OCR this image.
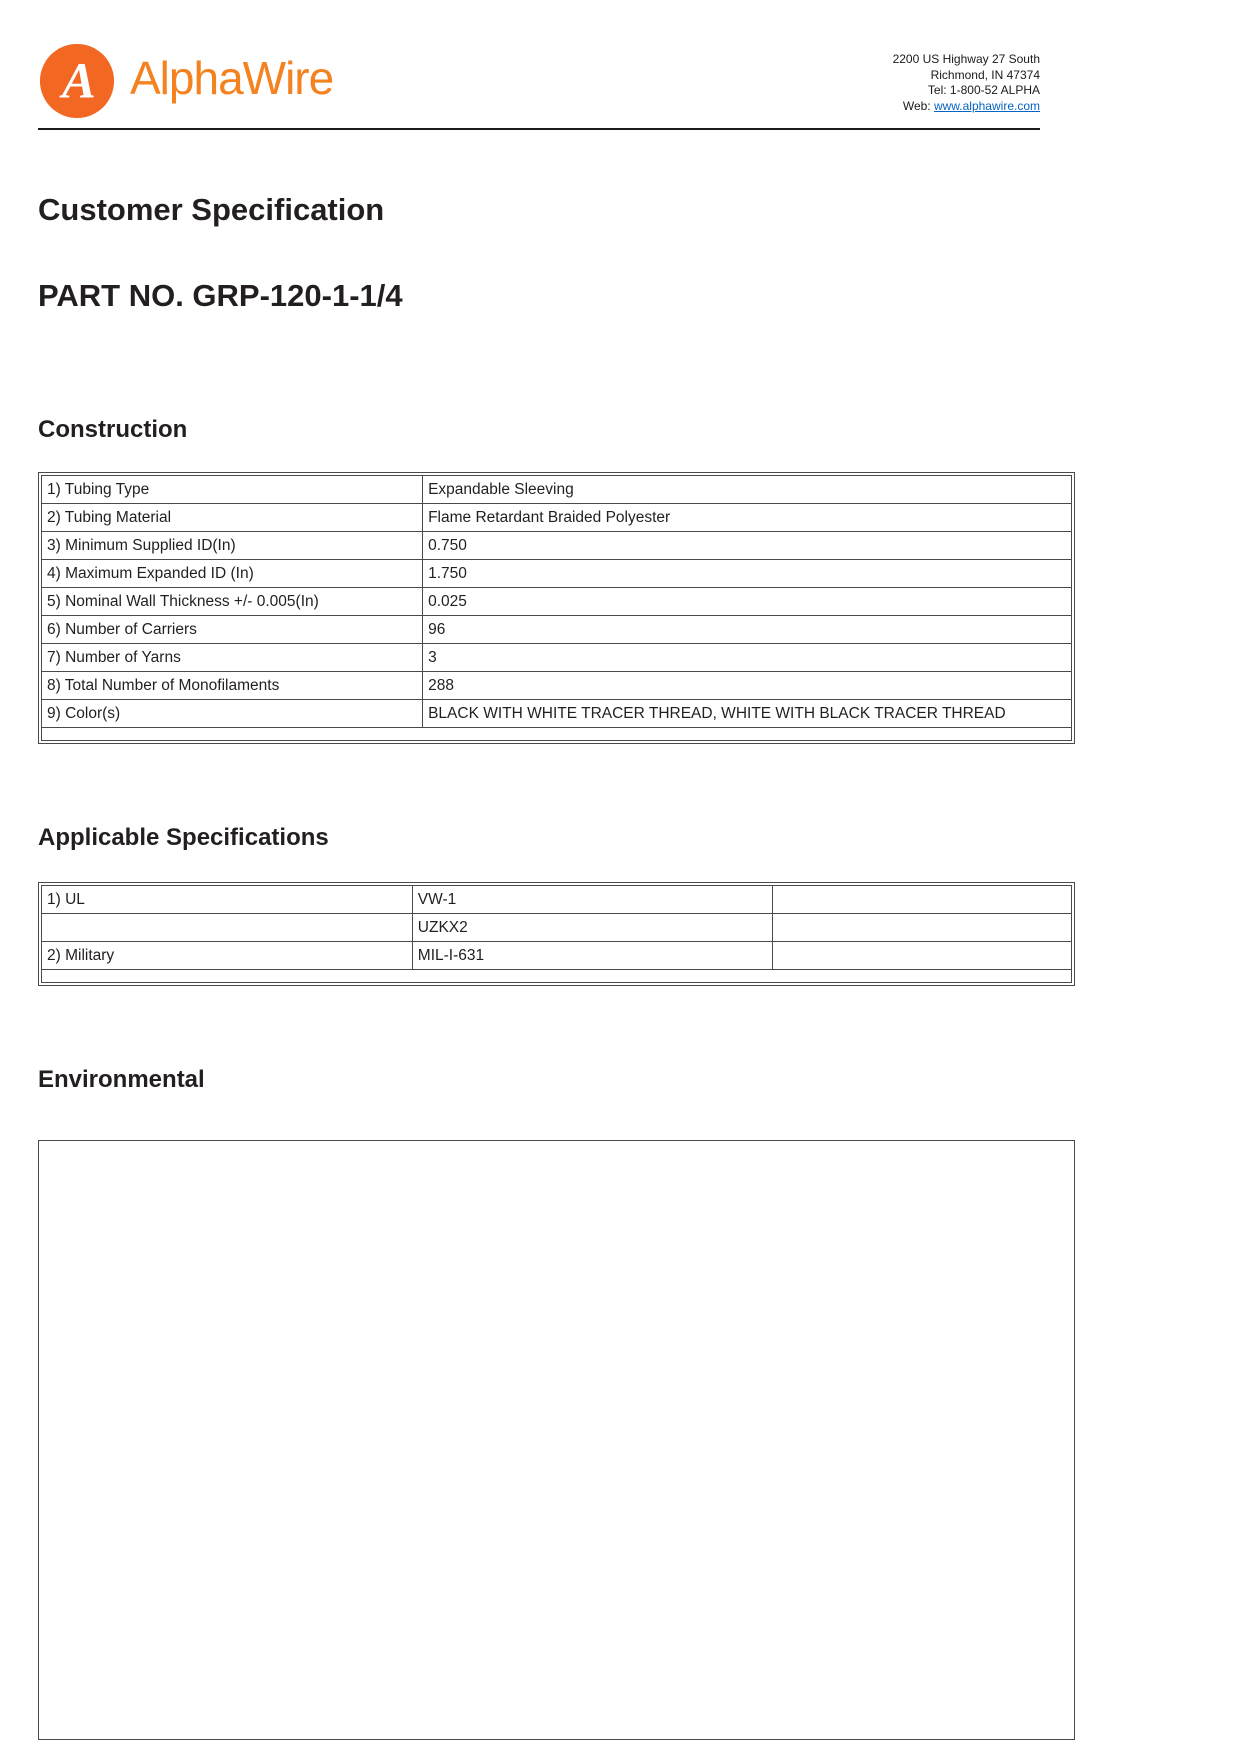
A AlphaWire	2200 US Highway 27 South
Richmond, IN 47374
Tel: 1-800-52 ALPHA
Web: www.alphawire.com
Customer Specification
PART NO. GRP-120-1-1/4
Construction
1) Tubing Type	Expandable Sleeving
2) Tubing Material	Flame Retardant Braided Polyester
3) Minimum Supplied ID(In)	0.750
4) Maximum Expanded ID (In)	1.750
5) Nominal Wall Thickness +/- 0.005(In)	0.025
6) Number of Carriers	96
7) Number of Yarns	3
8) Total Number of Monofilaments	288
9) Color(s)	BLACK WITH WHITE TRACER THREAD, WHITE WITH BLACK TRACER THREAD

Applicable Specifications
1) UL	VW-1	
	UZKX2	
2) Military	MIL-I-631	

Environmental
